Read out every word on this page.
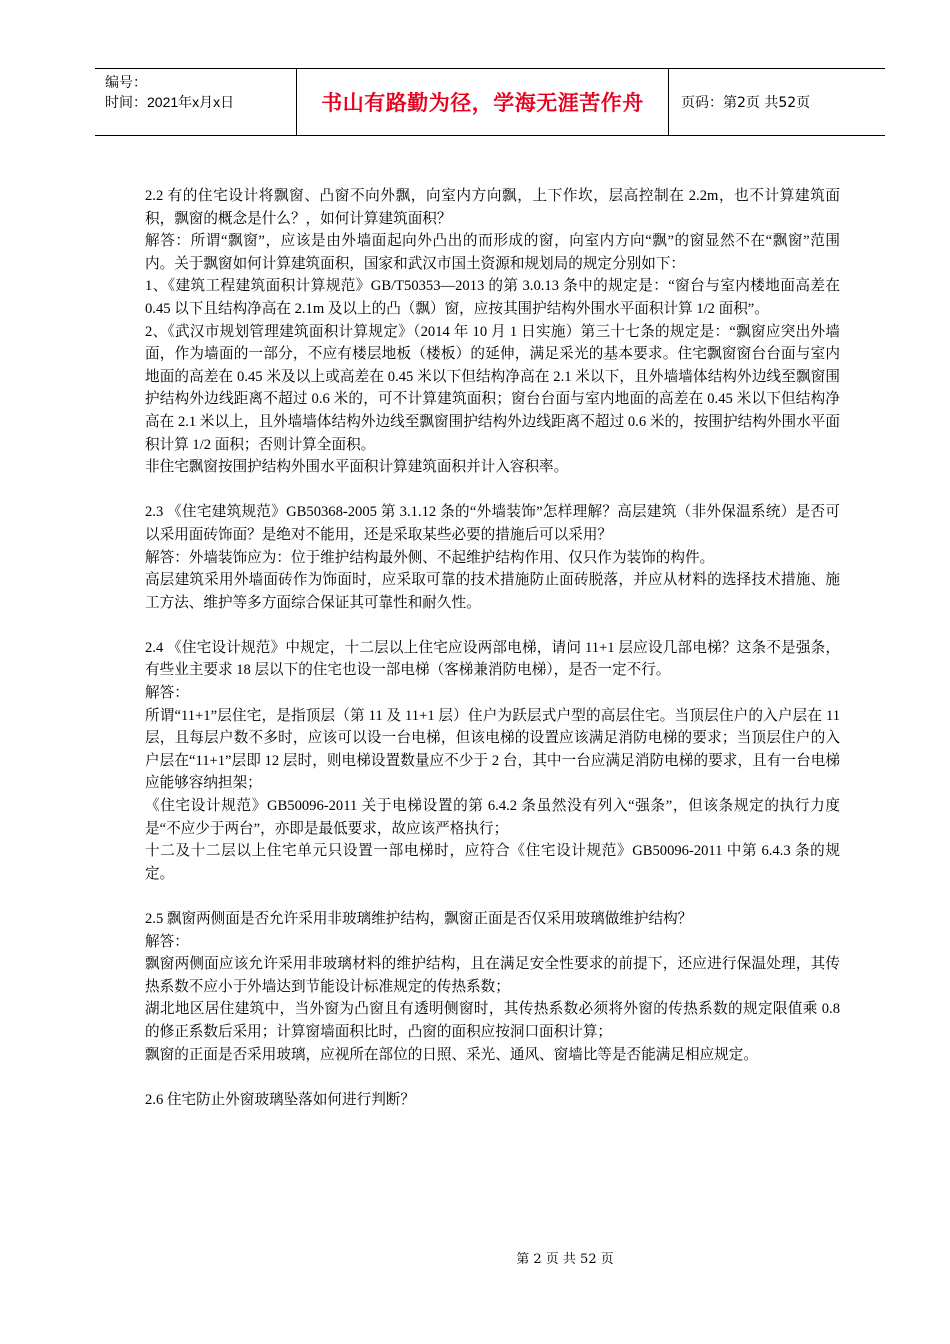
编号：
时间：2021年x月x日	书山有路勤为径，学海无涯苦作舟	页码：第2页 共52页

2.2 有的住宅设计将飘窗、凸窗不向外飘，向室内方向飘，上下作坎，层高控制在 2.2m，也不计算建筑面积，飘窗的概念是什么？，如何计算建筑面积？

解答：所谓“飘窗”，应该是由外墙面起向外凸出的而形成的窗，向室内方向“飘”的窗显然不在“飘窗”范围内。关于飘窗如何计算建筑面积，国家和武汉市国土资源和规划局的规定分别如下：

1、《建筑工程建筑面积计算规范》GB/T50353—2013 的第 3.0.13 条中的规定是：“窗台与室内楼地面高差在 0.45 以下且结构净高在 2.1m 及以上的凸（飘）窗，应按其围护结构外围水平面积计算 1/2 面积”。

2、《武汉市规划管理建筑面积计算规定》（2014 年 10 月 1 日实施）第三十七条的规定是：“飘窗应突出外墙面，作为墙面的一部分，不应有楼层地板（楼板）的延伸，满足采光的基本要求。住宅飘窗窗台台面与室内地面的高差在 0.45 米及以上或高差在 0.45 米以下但结构净高在 2.1 米以下，且外墙墙体结构外边线至飘窗围护结构外边线距离不超过 0.6 米的，可不计算建筑面积；窗台台面与室内地面的高差在 0.45 米以下但结构净高在 2.1 米以上，且外墙墙体结构外边线至飘窗围护结构外边线距离不超过 0.6 米的，按围护结构外围水平面积计算 1/2 面积；否则计算全面积。

非住宅飘窗按围护结构外围水平面积计算建筑面积并计入容积率。

2.3 《住宅建筑规范》GB50368-2005 第 3.1.12 条的“外墙装饰”怎样理解？高层建筑（非外保温系统）是否可以采用面砖饰面？是绝对不能用，还是采取某些必要的措施后可以采用？

解答：外墙装饰应为：位于维护结构最外侧、不起维护结构作用、仅只作为装饰的构件。

高层建筑采用外墙面砖作为饰面时，应采取可靠的技术措施防止面砖脱落，并应从材料的选择技术措施、施工方法、维护等多方面综合保证其可靠性和耐久性。

2.4 《住宅设计规范》中规定，十二层以上住宅应设两部电梯，请问 11+1 层应设几部电梯？这条不是强条，有些业主要求 18 层以下的住宅也设一部电梯（客梯兼消防电梯），是否一定不行。

解答：

所谓“11+1”层住宅，是指顶层（第 11 及 11+1 层）住户为跃层式户型的高层住宅。当顶层住户的入户层在 11 层，且每层户数不多时，应该可以设一台电梯，但该电梯的设置应该满足消防电梯的要求；当顶层住户的入户层在“11+1”层即 12 层时，则电梯设置数量应不少于 2 台，其中一台应满足消防电梯的要求，且有一台电梯应能够容纳担架；

《住宅设计规范》GB50096-2011 关于电梯设置的第 6.4.2 条虽然没有列入“强条”，但该条规定的执行力度是“不应少于两台”，亦即是最低要求，故应该严格执行；

十二及十二层以上住宅单元只设置一部电梯时，应符合《住宅设计规范》GB50096-2011 中第 6.4.3 条的规定。

2.5 飘窗两侧面是否允许采用非玻璃维护结构，飘窗正面是否仅采用玻璃做维护结构？

解答：

飘窗两侧面应该允许采用非玻璃材料的维护结构，且在满足安全性要求的前提下，还应进行保温处理，其传热系数不应小于外墙达到节能设计标准规定的传热系数；

湖北地区居住建筑中，当外窗为凸窗且有透明侧窗时，其传热系数必须将外窗的传热系数的规定限值乘 0.8 的修正系数后采用；计算窗墙面积比时，凸窗的面积应按洞口面积计算；

飘窗的正面是否采用玻璃，应视所在部位的日照、采光、通风、窗墙比等是否能满足相应规定。

2.6 住宅防止外窗玻璃坠落如何进行判断？

第 2 页 共 52 页
